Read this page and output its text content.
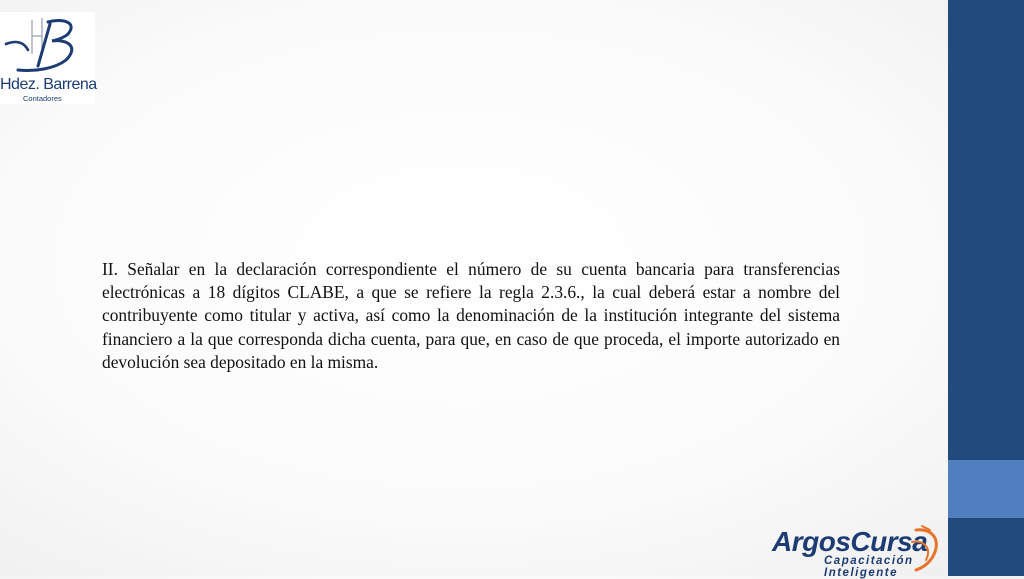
Hdez. Barrena
Contadores

II. Señalar en la declaración correspondiente el número de su cuenta bancaria para transferencias electrónicas a 18 dígitos CLABE, a que se refiere la regla 2.3.6., la cual deberá estar a nombre del contribuyente como titular y activa, así como la denominación de la institución integrante del sistema financiero a la que corresponda dicha cuenta, para que, en caso de que proceda, el importe autorizado en devolución sea depositado en la misma.

ArgosCursa
Capacitación
Inteligente
